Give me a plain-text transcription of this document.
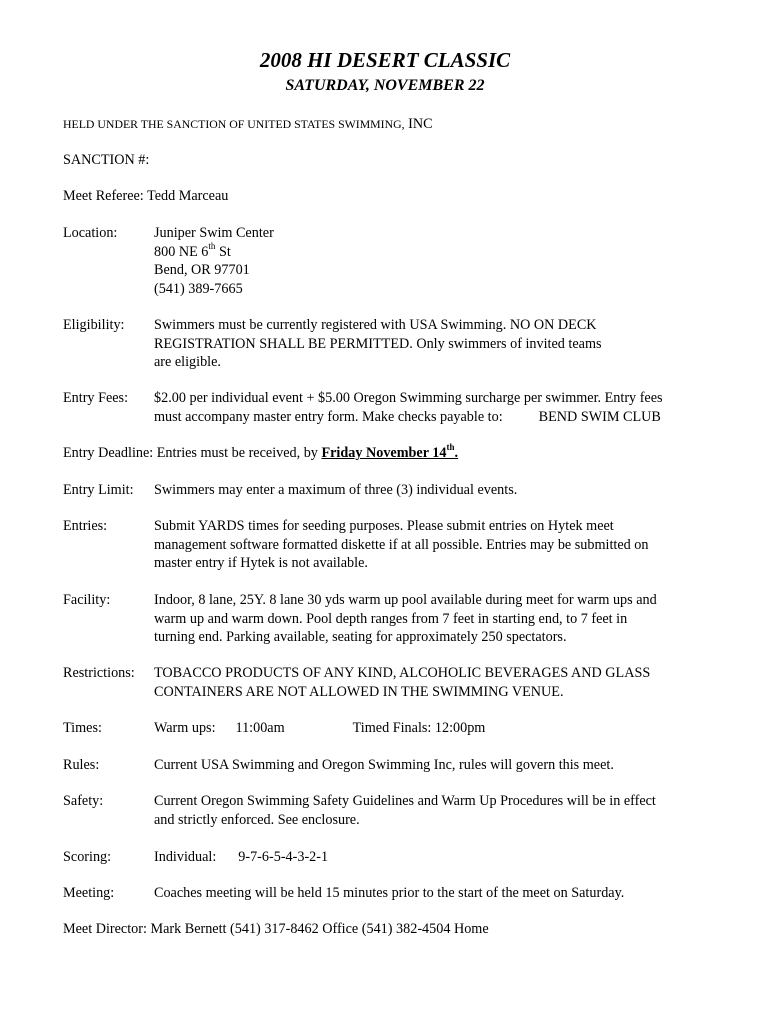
2008 HI DESERT CLASSIC
SATURDAY, NOVEMBER 22
HELD UNDER THE SANCTION OF UNITED STATES SWIMMING, INC
SANCTION #:
Meet Referee: Tedd Marceau
Location:	Juniper Swim Center
800 NE 6th St
Bend, OR 97701
(541) 389-7665
Eligibility: Swimmers must be currently registered with USA Swimming. NO ON DECK
REGISTRATION SHALL BE PERMITTED. Only swimmers of invited teams
are eligible.
Entry Fees: $2.00 per individual event + $5.00 Oregon Swimming surcharge per swimmer. Entry fees
must accompany master entry form. Make checks payable to:	BEND SWIM CLUB
Entry Deadline: Entries must be received, by Friday November 14th.
Entry Limit: Swimmers may enter a maximum of three (3) individual events.
Entries:	Submit YARDS times for seeding purposes. Please submit entries on Hytek meet
management software formatted diskette if at all possible. Entries may be submitted on
master entry if Hytek is not available.
Facility:	Indoor, 8 lane, 25Y. 8 lane 30 yds warm up pool available during meet for warm ups and
warm up and warm down. Pool depth ranges from 7 feet in starting end, to 7 feet in
turning end. Parking available, seating for approximately 250 spectators.
Restrictions: TOBACCO PRODUCTS OF ANY KIND, ALCOHOLIC BEVERAGES AND GLASS
CONTAINERS ARE NOT ALLOWED IN THE SWIMMING VENUE.
Times:	Warm ups: 11:00am	Timed Finals: 12:00pm
Rules:	Current USA Swimming and Oregon Swimming Inc, rules will govern this meet.
Safety:	Current Oregon Swimming Safety Guidelines and Warm Up Procedures will be in effect
and strictly enforced. See enclosure.
Scoring:	Individual: 9-7-6-5-4-3-2-1
Meeting:	Coaches meeting will be held 15 minutes prior to the start of the meet on Saturday.
Meet Director: Mark Bernett (541) 317-8462 Office (541) 382-4504 Home
